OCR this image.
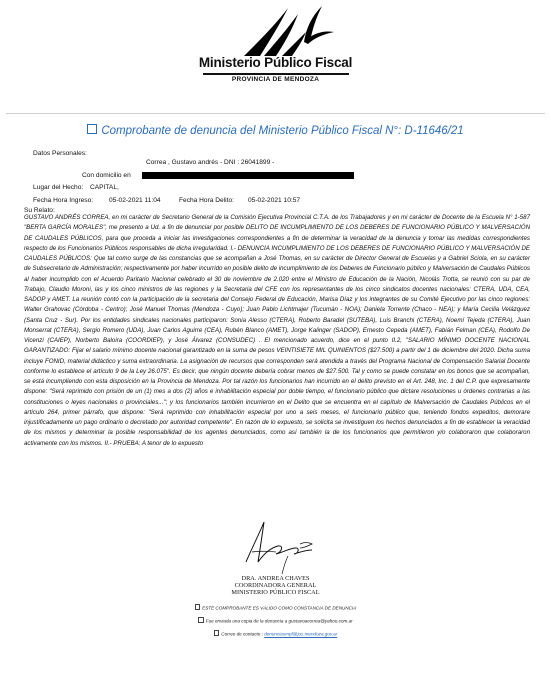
Ministerio Público Fiscal
PROVINCIA DE MENDOZA
Comprobante de denuncia del Ministerio Público Fiscal N°: D-11646/21
Datos Personales:
Correa , Gustavo andrés - DNI : 26041899 -
Con domicilio en
Lugar del Hecho: CAPITAL,
Fecha Hora Ingreso: 05-02-2021 11:04	Fecha Hora Delito: 05-02-2021 10:57
Su Relato:
GUSTAVO ANDRÉS CORREA, en mi carácter de Secretario General de la Comisión Ejecutiva Provincial C.T.A. de los Trabajadores y en mi carácter de Docente de la Escuela N° 1-587 "BERTA GARCÍA MORALES", me presento a Ud. a fin de denunciar por posible DELITO DE INCUMPLIMIENTO DE LOS DEBERES DE FUNCIONARIO PÚBLICO Y MALVERSACIÓN DE CAUDALES PÚBLICOS, para que proceda a iniciar las investigaciones correspondientes a fin de determinar la veracidad de la denuncia y tomar las medidas correspondientes respecto de los Funcionarios Públicos responsables de dicha irregularidad. I.- DENUNCIA INCUMPLIMIENTO DE LOS DEBERES DE FUNCIONARIO PÚBLICO Y MALVERSACIÓN DE CAUDALES PÚBLICOS: Que tal como surge de las constancias que se acompañan a José Thomas, en su carácter de Director General de Escuelas y a Gabriel Sciola, en su carácter de Subsecretario de Administración; respectivamente por haber incurrido en posible delito de incumplimiento de los Deberes de Funcionario público y Malversación de Caudales Públicos al haber incumplido con el Acuerdo Paritario Nacional celebrado el 30 de noviembre de 2.020 entre el Ministro de Educación de la Nación, Nicolás Trotta, se reunió con su par de Trabajo, Claudio Moroni, las y los cinco ministros de las regiones y la Secretaria del CFE con los representantes de los cinco sindicatos docentes nacionales: CTERA, UDA, CEA, SADOP y AMET. La reunión contó con la participación de la secretaria del Consejo Federal de Educación, Marisa Díaz y los integrantes de su Comité Ejecutivo por las cinco regiones: Walter Grahovac (Córdoba - Centro); José Manuel Thomas (Mendoza - Cuyo); Juan Pablo Lichtmajer (Tucumán - NOA); Daniela Torrente (Chaco - NEA); y María Cecilia Velázquez (Santa Cruz - Sur). Por los entidades sindicales nacionales participaron: Sonia Alesso (CTERA), Roberto Baradel (SUTEBA), Luis Branchi (CTERA), Noemí Tejeda (CTERA), Juan Monserrat (CTERA), Sergio Romero (UDA), Juan Carlos Aguirre (CEA), Rubén Blanco (AMET), Jorge Kalinger (SADOP), Ernesto Cepeda (AMET), Fabián Felman (CEA), Rodolfo De Vicenzi (CAIEP), Norberto Baloira (COORDIEP), y José Álvarez (CONSUDEC) . El mencionado acuerdo, dice en el punto II.2, "SALARIO MÍNIMO DOCENTE NACIONAL GARANTIZADO: Fijar el salario mínimo docente nacional garantizado en la suma de pesos VEINTISIETE MIL QUINIENTOS ($27.500) a partir del 1 de diciembre del 2020. Dicha suma incluye FONID, material didáctico y suma extraordinaria. La asignación de recursos que corresponden será atendida a través del Programa Nacional de Compensación Salarial Docente conforme lo establece el artículo 9 de la Ley 26.075". Es decir, que ningún docente debería cobrar menos de $27.500. Tal y como se puede constatar en los bonos que se acompañan, se está incumpliendo con esta disposición en la Provincia de Mendoza. Por tal razón los funcionarios han incurrido en el delito previsto en el Art. 248, Inc. 1 del C.P. que expresamente dispone: "Será reprimido con prisión de un (1) mes a dos (2) años e inhabilitación especial por doble tiempo, el funcionario público que dictare resoluciones u órdenes contrarias a las constituciones o leyes nacionales o provinciales..."; y los funcionarios también incurrieron en el Delito que se encuentra en el capítulo de Malversación de Caudales Públicos en el artículo 264, primer párrafo, que dispone: "Será reprimido con inhabilitación especial por uno a seis meses, el funcionario público que, teniendo fondos expeditos, demorare injustificadamente un pago ordinario o decretado por autoridad competente". En razón de lo expuesto, se solicita se investiguen los hechos denunciados a fin de establecer la veracidad de los mismos y determinar la posible responsabilidad de los agentes denunciados, como así también la de los funcionarios que permitieron y/o colaboraron que colaboraron activamente con los mismos. II.- PRUEBA: A tenor de lo expuesto
DRA. ANDREA CHAVES
COORDINADORA GENERAL
MINISTERIO PÚBLICO FISCAL
ESTE COMPROBANTE ES VÁLIDO COMO CONSTANCIA DE DENUNCIA
Fue enviada una copia de la denuncia a gustavoacorrea@yahoo.com.ar
Correo de contacto : denunciasmpf@jus.mendoza.gov.ar
